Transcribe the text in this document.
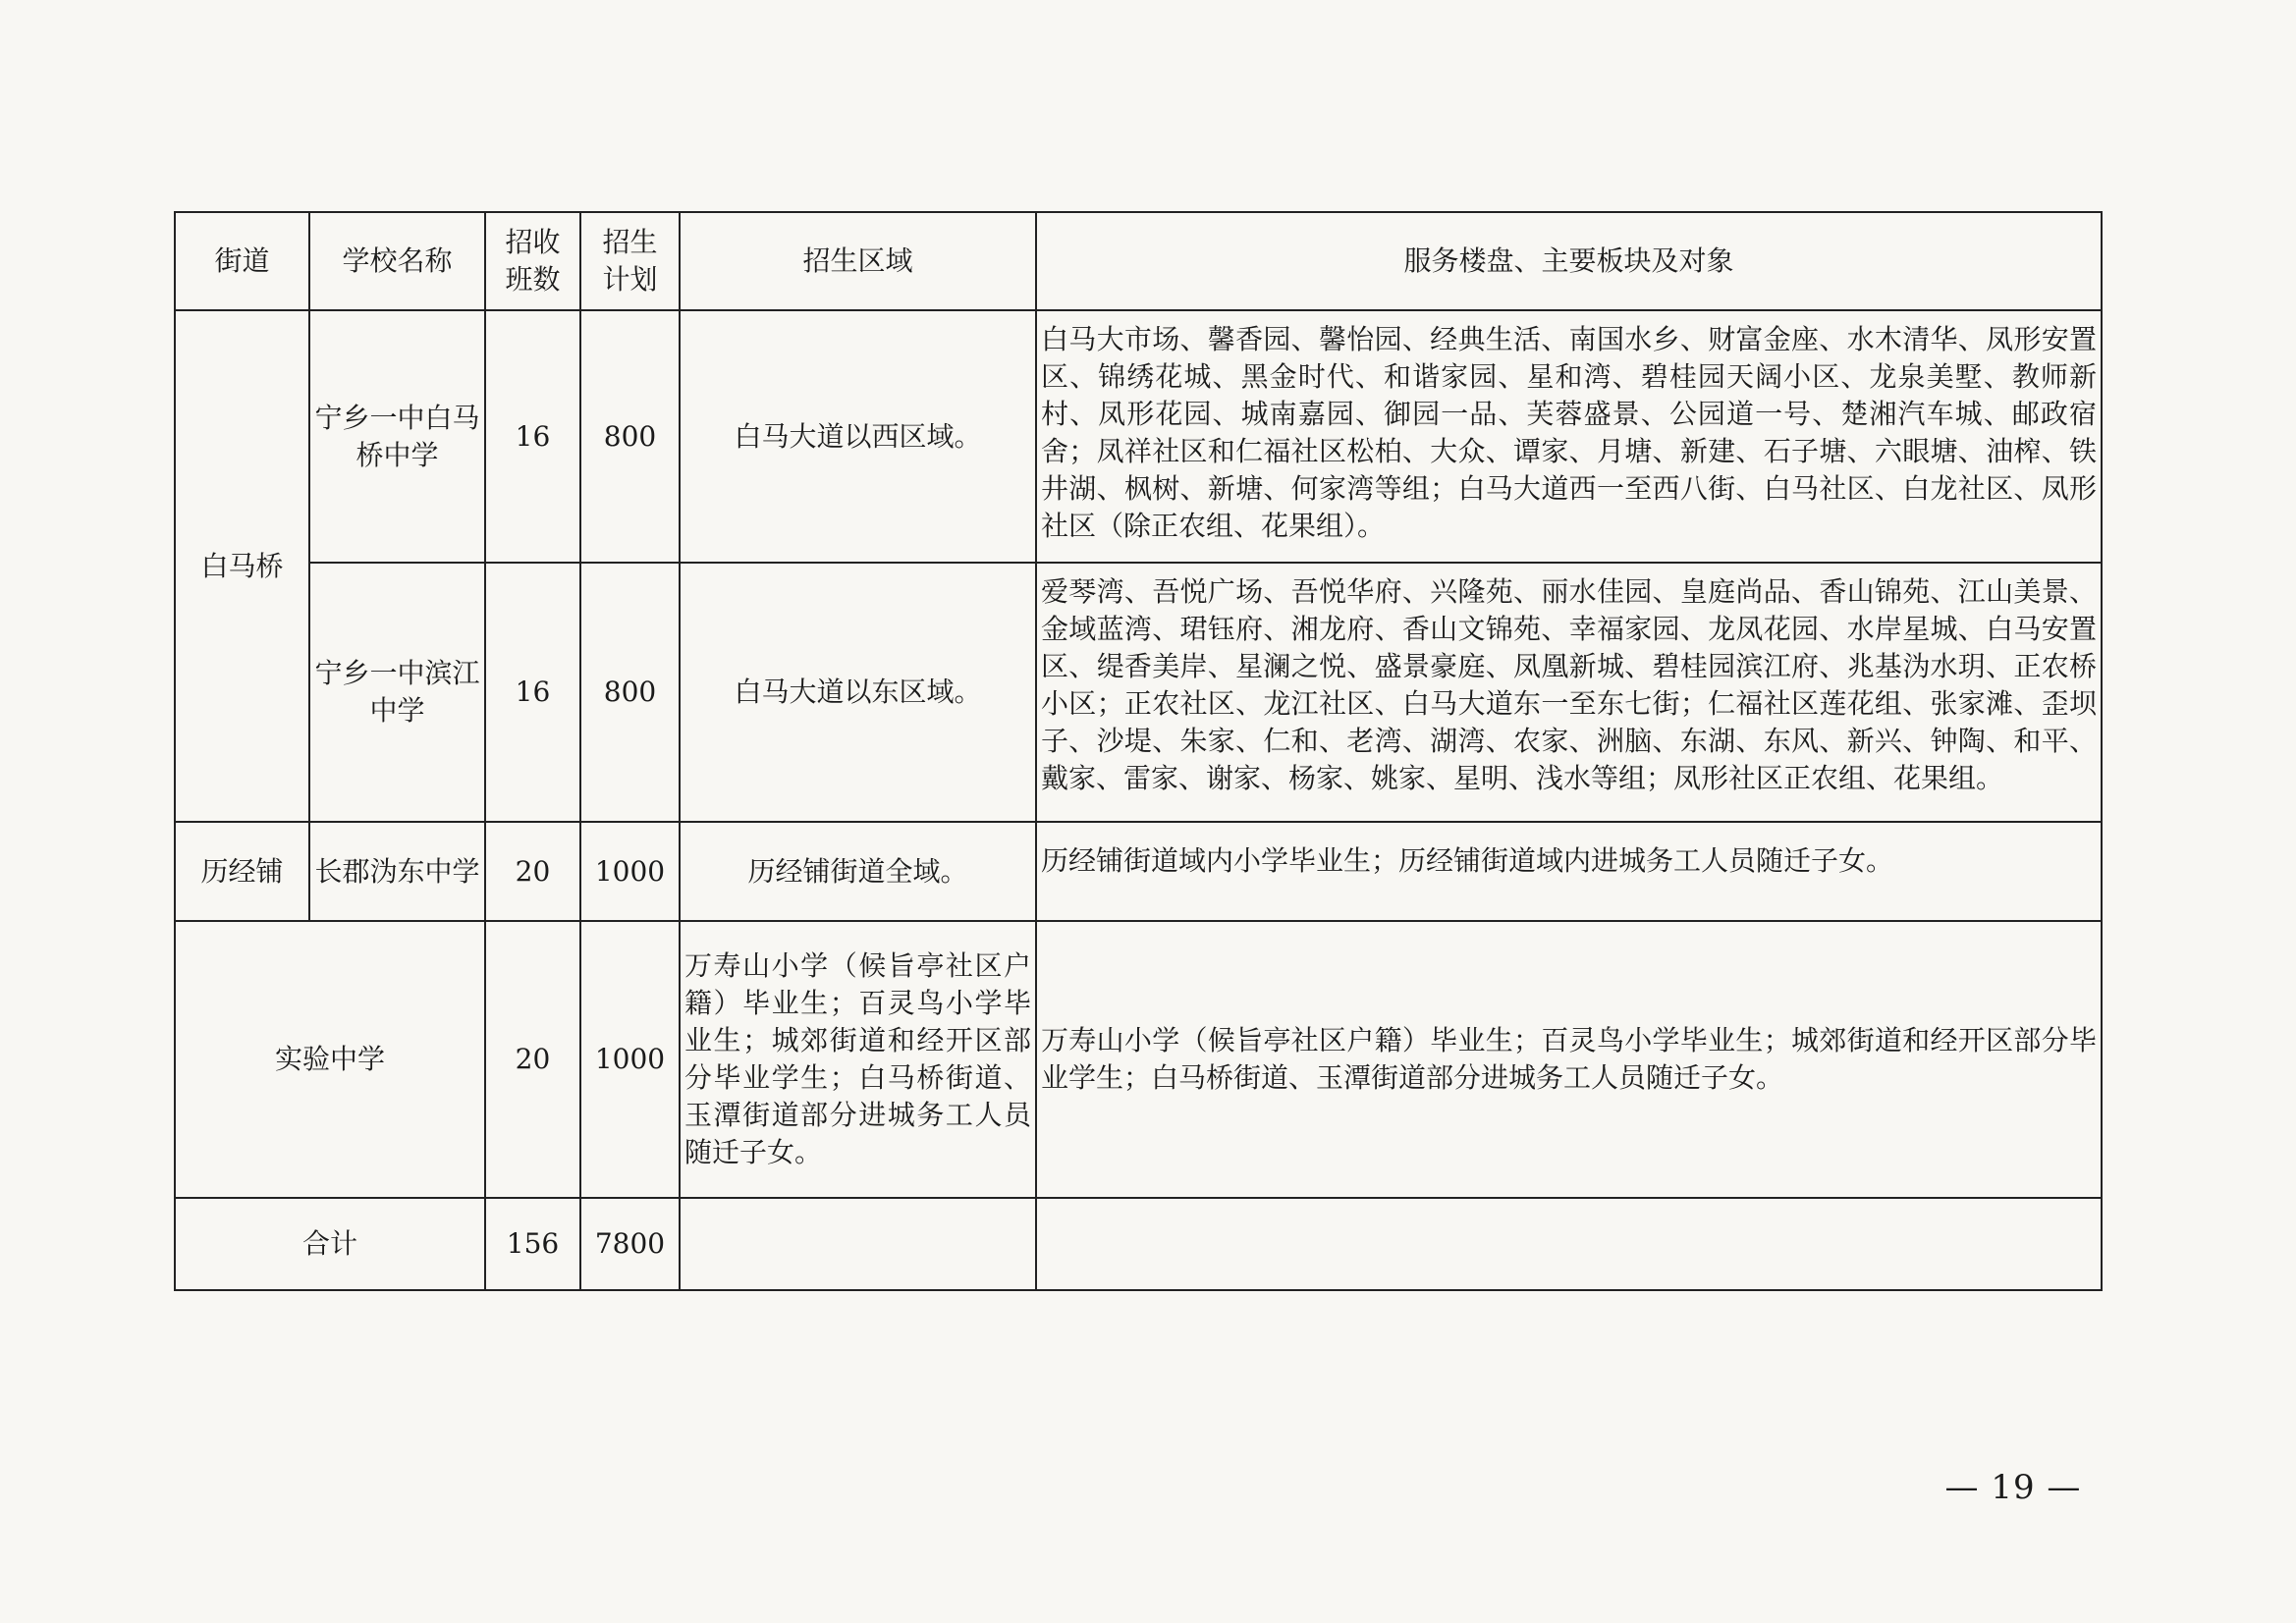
街道	学校名称	招收班数	招生计划	招生区域	服务楼盘、主要板块及对象
白马桥	宁乡一中白马桥中学	16	800	白马大道以西区域。	白马大市场、馨香园、馨怡园、经典生活、南国水乡、财富金座、水木清华、凤形安置区、锦绣花城、黑金时代、和谐家园、星和湾、碧桂园天阔小区、龙泉美墅、教师新村、凤形花园、城南嘉园、御园一品、芙蓉盛景、公园道一号、楚湘汽车城、邮政宿舍；凤祥社区和仁福社区松柏、大众、谭家、月塘、新建、石子塘、六眼塘、油榨、铁井湖、枫树、新塘、何家湾等组；白马大道西一至西八街、白马社区、白龙社区、凤形社区（除正农组、花果组）。
	宁乡一中滨江中学	16	800	白马大道以东区域。	爱琴湾、吾悦广场、吾悦华府、兴隆苑、丽水佳园、皇庭尚品、香山锦苑、江山美景、金域蓝湾、珺钰府、湘龙府、香山文锦苑、幸福家园、龙凤花园、水岸星城、白马安置区、缇香美岸、星澜之悦、盛景豪庭、凤凰新城、碧桂园滨江府、兆基沩水玥、正农桥小区；正农社区、龙江社区、白马大道东一至东七街；仁福社区莲花组、张家滩、歪坝子、沙堤、朱家、仁和、老湾、湖湾、农家、洲脑、东湖、东风、新兴、钟陶、和平、戴家、雷家、谢家、杨家、姚家、星明、浅水等组；凤形社区正农组、花果组。
历经铺	长郡沩东中学	20	1000	历经铺街道全域。	历经铺街道域内小学毕业生；历经铺街道域内进城务工人员随迁子女。
实验中学		20	1000	万寿山小学（候旨亭社区户籍）毕业生；百灵鸟小学毕业生；城郊街道和经开区部分毕业学生；白马桥街道、玉潭街道部分进城务工人员随迁子女。	万寿山小学（候旨亭社区户籍）毕业生；百灵鸟小学毕业生；城郊街道和经开区部分毕业学生；白马桥街道、玉潭街道部分进城务工人员随迁子女。
合计		156	7800		
— 19 —
